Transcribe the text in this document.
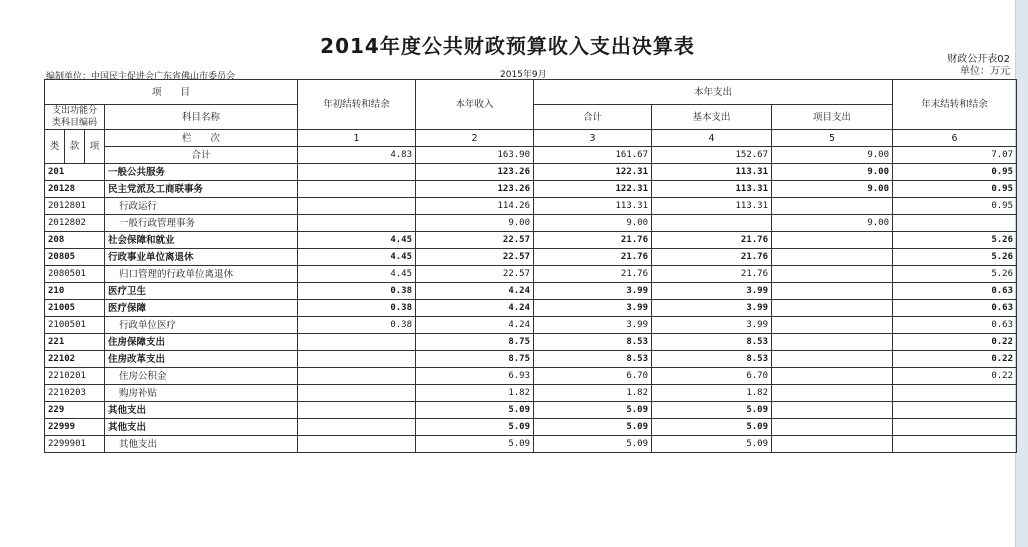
2014年度公共财政预算收入支出决算表
财政公开表02
单位：万元
编制单位：中国民主促进会广东省佛山市委员会	2015年9月
项　　目				年初结转和结余	本年收入	本年支出			年末结转和结余
支出功能分类科目编码			科目名称			合计	基本支出	项目支出	
类	款	项	栏　　次	1	2	3	4	5	6
			合计	4.83	163.90	161.67	152.67	9.00	7.07
201			一般公共服务		123.26	122.31	113.31	9.00	0.95
20128			民主党派及工商联事务		123.26	122.31	113.31	9.00	0.95
2012801			行政运行		114.26	113.31	113.31		0.95
2012802			一般行政管理事务		9.00	9.00		9.00	
208			社会保障和就业	4.45	22.57	21.76	21.76		5.26
20805			行政事业单位离退休	4.45	22.57	21.76	21.76		5.26
2080501			归口管理的行政单位离退休	4.45	22.57	21.76	21.76		5.26
210			医疗卫生	0.38	4.24	3.99	3.99		0.63
21005			医疗保障	0.38	4.24	3.99	3.99		0.63
2100501			行政单位医疗	0.38	4.24	3.99	3.99		0.63
221			住房保障支出		8.75	8.53	8.53		0.22
22102			住房改革支出		8.75	8.53	8.53		0.22
2210201			住房公积金		6.93	6.70	6.70		0.22
2210203			购房补贴		1.82	1.82	1.82		
229			其他支出		5.09	5.09	5.09		
22999			其他支出		5.09	5.09	5.09		
2299901			其他支出		5.09	5.09	5.09		
